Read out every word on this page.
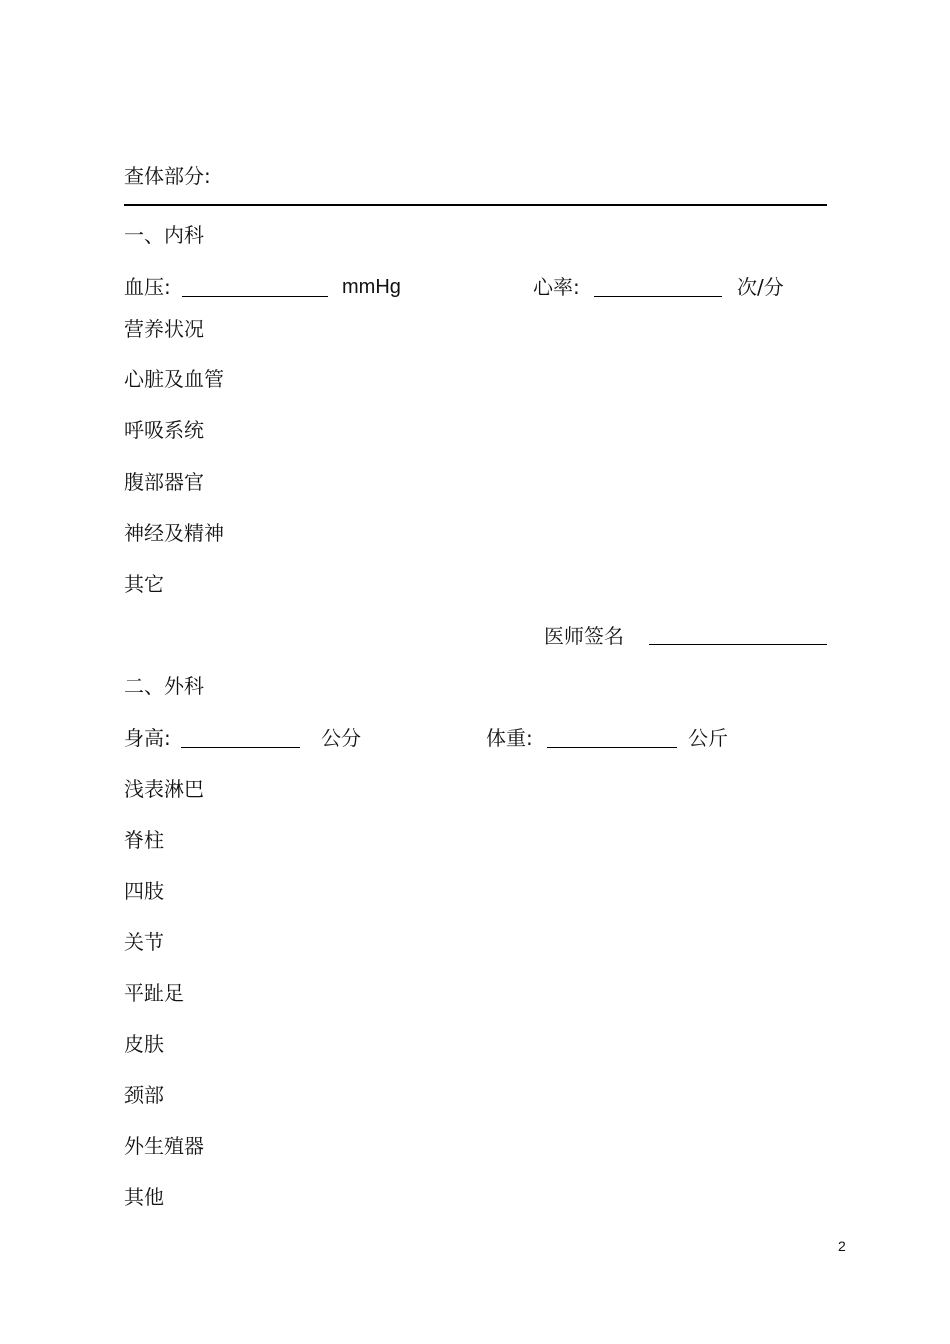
查体部分:
一、内科
血压:	mmHg	心率:	次/分
营养状况
心脏及血管
呼吸系统
腹部器官
神经及精神
其它
医师签名
二、外科
身高:	公分	体重:	公斤
浅表淋巴
脊柱
四肢
关节
平趾足
皮肤
颈部
外生殖器
其他
2
